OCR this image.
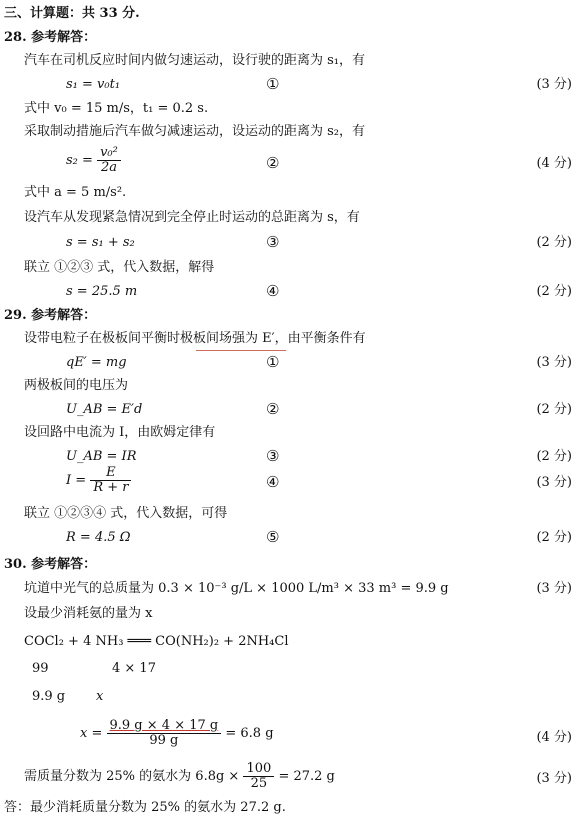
三、计算题：共 33 分.
28. 参考解答：
汽车在司机反应时间内做匀速运动，设行驶的距离为 s₁，有
s₁ = v₀t₁	①	(3 分)
式中 v₀ = 15 m/s，t₁ = 0.2 s.
采取制动措施后汽车做匀减速运动，设运动的距离为 s₂，有
$s_2 = \frac{\text{v₀²}}{2a}$	②	(4 分)
式中 a = 5 m/s².
设汽车从发现紧急情况到完全停止时运动的总距离为 s，有
s = s₁ + s₂	③	(2 分)
联立 ①②③ 式，代入数据，解得
s = 25.5 m	④	(2 分)
29. 参考解答：
设带电粒子在极板间平衡时极板间场强为 E′，由平衡条件有
qE′ = mg	①	(3 分)
两极板间的电压为
U_AB = E′d	②	(2 分)
设回路中电流为 I，由欧姆定律有
U_AB = IR	③	(2 分)
$I = \frac{E}{R + r}$	④	(3 分)
联立 ①②③④ 式，代入数据，可得
R = 4.5 Ω	⑤	(2 分)
30. 参考解答：
坑道中光气的总质量为 0.3 × 10⁻³ g/L × 1000 L/m³ × 33 m³ = 9.9 g	(3 分)
设最少消耗氨的量为 x
COCl₂ + 4 NH₃ ═══ CO(NH₂)₂ + 2NH₄Cl
99	4 × 17
9.9 g x
$x = \frac{9.9 g \times 4 \times 17 g}{99 g} = 6.8$ g	(4 分)
需质量分数为 25% 的氨水为 $6.8g \times \frac{100}{25} = 27.2$ g	(3 分)
答：最少消耗质量分数为 25% 的氨水为 27.2 g.
